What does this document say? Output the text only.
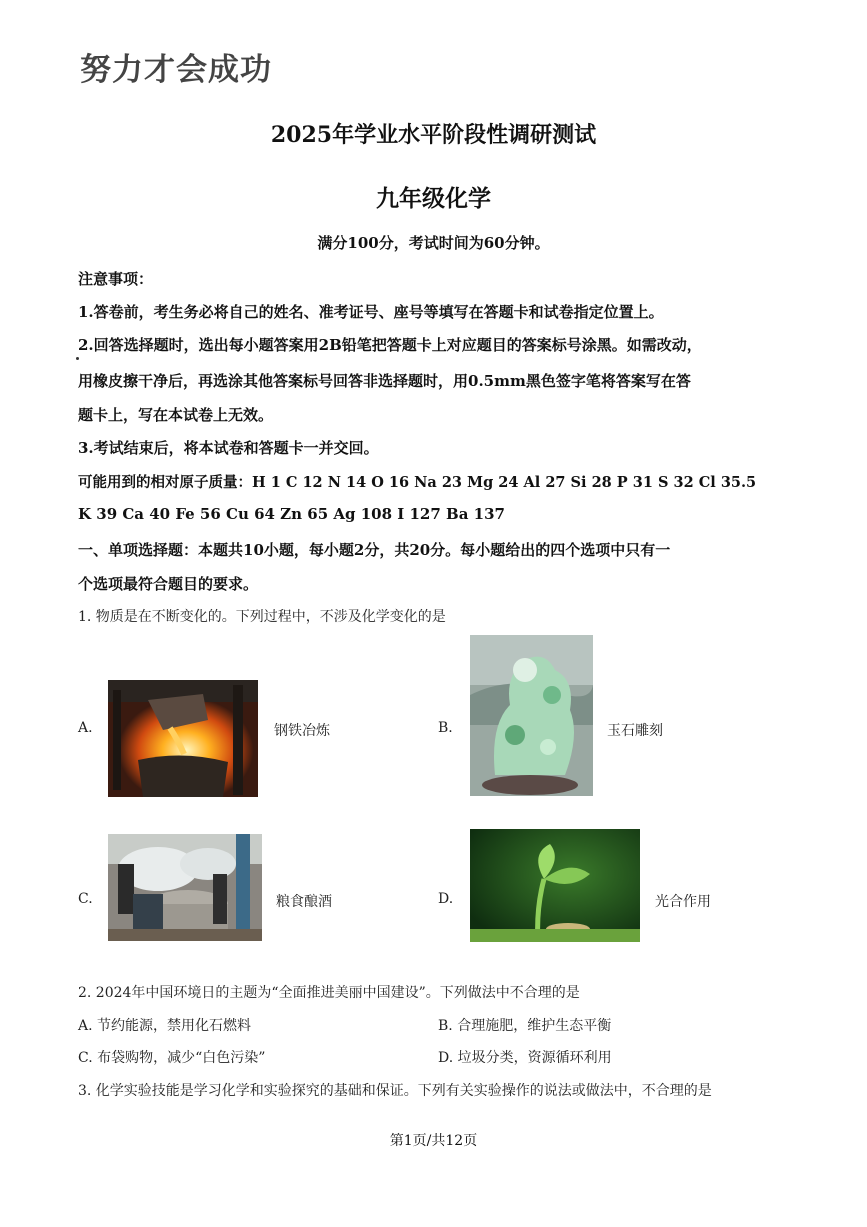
努力才会成功
2025年学业水平阶段性调研测试
九年级化学
满分100分，考试时间为60分钟。
注意事项：
1.答卷前，考生务必将自己的姓名、准考证号、座号等填写在答题卡和试卷指定位置上。
2.回答选择题时，选出每小题答案用2B铅笔把答题卡上对应题目的答案标号涂黑。如需改动，
用橡皮擦干净后，再选涂其他答案标号回答非选择题时，用0.5mm黑色签字笔将答案写在答
题卡上，写在本试卷上无效。
3.考试结束后，将本试卷和答题卡一并交回。
可能用到的相对原子质量：H 1 C 12 N 14 O 16 Na 23 Mg 24 Al 27 Si 28 P 31 S 32 Cl 35.5
K 39 Ca 40 Fe 56 Cu 64 Zn 65 Ag 108 I 127 Ba 137
一、单项选择题：本题共10小题，每小题2分，共20分。每小题给出的四个选项中只有一
个选项最符合题目的要求。
1. 物质是在不断变化的。下列过程中，不涉及化学变化的是
A.	钢铁冶炼	B.	玉石雕刻
C.	粮食酿酒	D.	光合作用
2. 2024年中国环境日的主题为“全面推进美丽中国建设”。下列做法中不合理的是
A. 节约能源，禁用化石燃料	B. 合理施肥，维护生态平衡
C. 布袋购物，减少“白色污染”	D. 垃圾分类，资源循环利用
3. 化学实验技能是学习化学和实验探究的基础和保证。下列有关实验操作的说法或做法中，不合理的是
第1页/共12页
